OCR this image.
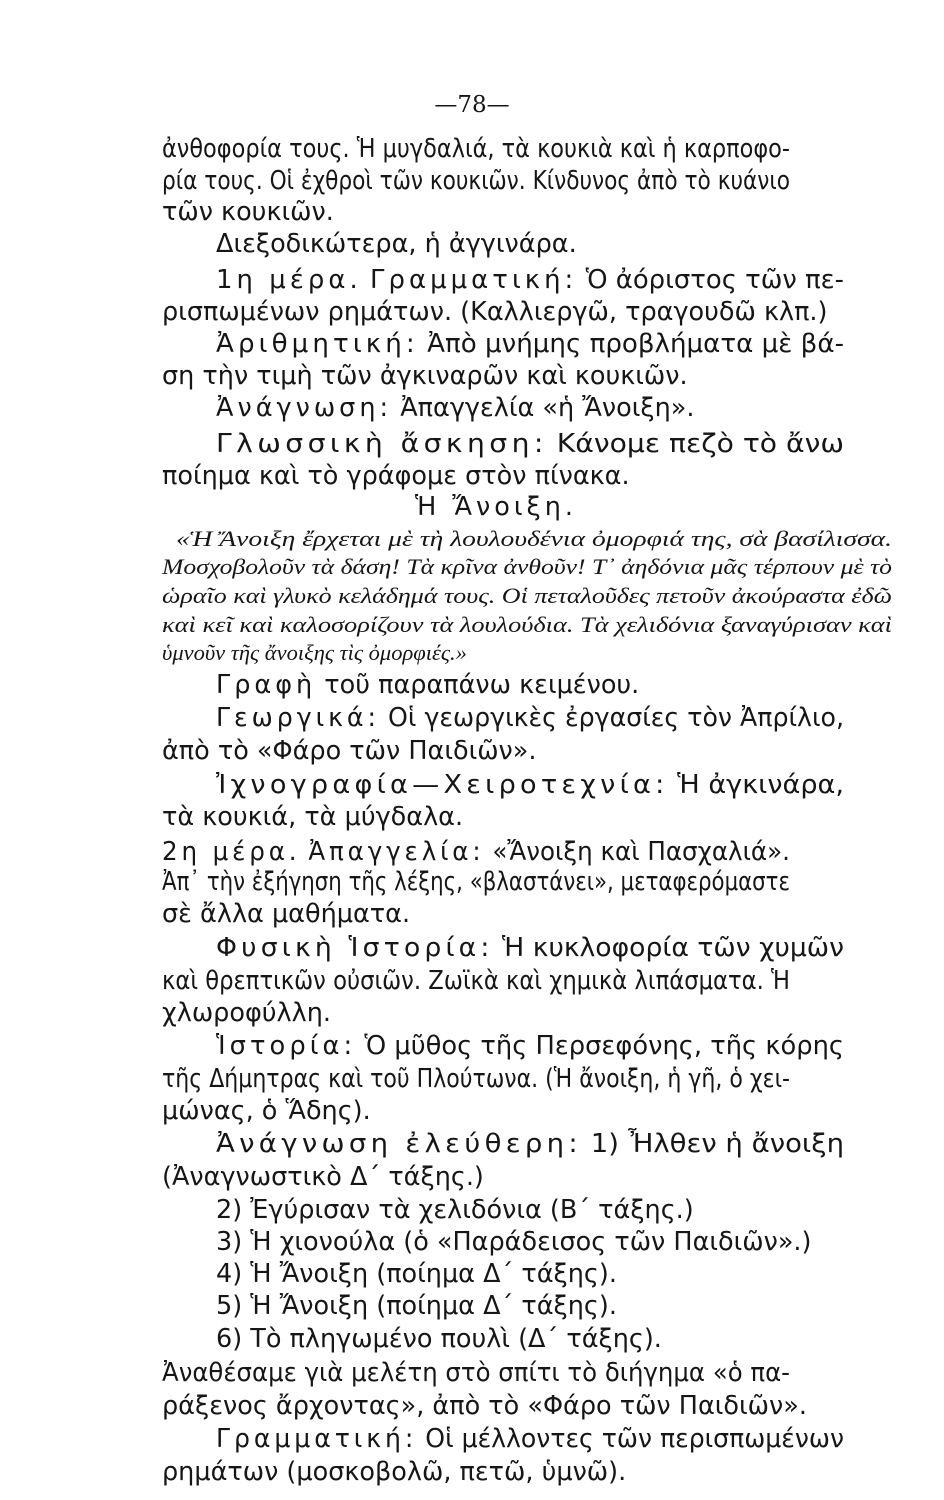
—78—

ἀνθοφορία τους. Ἡ μυγδαλιά, τὰ κουκιὰ καὶ ἡ καρποφο-

ρία τους. Οἱ ἐχθροὶ τῶν κουκιῶν. Κίνδυνος ἀπὸ τὸ κυάνιο

τῶν κουκιῶν.

Διεξοδικώτερα, ἡ ἀγγινάρα.

1η μέρα. Γραμματική: Ὁ ἀόριστος τῶν πε-

ρισπωμένων ρημάτων. (Καλλιεργῶ, τραγουδῶ κλπ.)

Ἀριθμητική: Ἀπὸ μνήμης προβλήματα μὲ βά-

ση τὴν τιμὴ τῶν ἀγκιναρῶν καὶ κουκιῶν.

Ἀνάγνωση: Ἀπαγγελία «ἡ Ἄνοιξη».

Γλωσσικὴ ἄσκηση: Κάνομε πεζὸ τὸ ἄνω

ποίημα καὶ τὸ γράφομε στὸν πίνακα.

Ἡ Ἄνοιξη.

«Ἡ Ἄνοιξη ἔρχεται μὲ τὴ λουλουδένια ὀμορφιά της, σὰ βασίλισσα.

Μοσχοβολοῦν τὰ δάση! Τὰ κρῖνα ἀνθοῦν! Τ᾽ ἀηδόνια μᾶς τέρπουν μὲ τὸ

ὡραῖο καὶ γλυκὸ κελάδημά τους. Οἱ πεταλοῦδες πετοῦν ἀκούραστα ἐδῶ

καὶ κεῖ καὶ καλοσορίζουν τὰ λουλούδια. Τὰ χελιδόνια ξαναγύρισαν καὶ

ὑμνοῦν τῆς ἄνοιξης τὶς ὀμορφιές.»

Γραφὴ τοῦ παραπάνω κειμένου.

Γεωργικά: Οἱ γεωργικὲς ἐργασίες τὸν Ἀπρίλιο,

ἀπὸ τὸ «Φάρο τῶν Παιδιῶν».

Ἰχνογραφία—Χειροτεχνία: Ἡ ἀγκινάρα,

τὰ κουκιά, τὰ μύγδαλα.

2η μέρα. Ἀπαγγελία: «Ἄνοιξη καὶ Πασχαλιά».

Ἀπ᾽ τὴν ἐξήγηση τῆς λέξης, «βλαστάνει», μεταφερόμαστε

σὲ ἄλλα μαθήματα.

Φυσικὴ Ἱστορία: Ἡ κυκλοφορία τῶν χυμῶν

καὶ θρεπτικῶν οὐσιῶν. Ζωϊκὰ καὶ χημικὰ λιπάσματα. Ἡ

χλωροφύλλη.

Ἱστορία: Ὁ μῦθος τῆς Περσεφόνης, τῆς κόρης

τῆς Δήμητρας καὶ τοῦ Πλούτωνα. (Ἡ ἄνοιξη, ἡ γῆ, ὁ χει-

μώνας, ὁ Ἅδης).

Ἀνάγνωση ἐλεύθερη: 1) Ἦλθεν ἡ ἄνοιξη

(Ἀναγνωστικὸ Δ΄ τάξης.)

2) Ἐγύρισαν τὰ χελιδόνια (Β΄ τάξης.)

3) Ἡ χιονούλα (ὁ «Παράδεισος τῶν Παιδιῶν».)

4) Ἡ Ἄνοιξη (ποίημα Δ΄ τάξης).

5) Ἡ Ἄνοιξη (ποίημα Δ΄ τάξης).

6) Τὸ πληγωμένο πουλὶ (Δ΄ τάξης).

Ἀναθέσαμε γιὰ μελέτη στὸ σπίτι τὸ διήγημα «ὁ πα-

ράξενος ἄρχοντας», ἀπὸ τὸ «Φάρο τῶν Παιδιῶν».

Γραμματική: Οἱ μέλλοντες τῶν περισπωμένων

ρημάτων (μοσκοβολῶ, πετῶ, ὑμνῶ).
